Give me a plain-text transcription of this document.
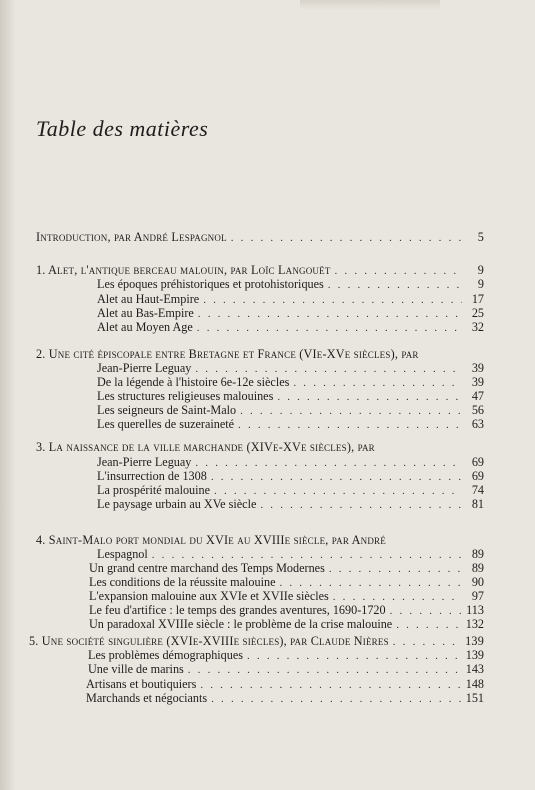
Table des matières
Introduction, par André Lespagnol . . .	5
1. Alet, l'antique berceau malouin, par Loïc Langouët . . .	9
Les époques préhistoriques et protohistoriques . . .	9
Alet au Haut-Empire . . .	17
Alet au Bas-Empire . . .	25
Alet au Moyen Age . . .	32
2. Une cité épiscopale entre Bretagne et France (VIe-XVe siècles), par
Jean-Pierre Leguay . . .	39
De la légende à l'histoire 6e-12e siècles . . .	39
Les structures religieuses malouines . . .	47
Les seigneurs de Saint-Malo . . .	56
Les querelles de suzeraineté . . .	63
3. La naissance de la ville marchande (XIVe-XVe siècles), par
Jean-Pierre Leguay . . .	69
L'insurrection de 1308 . . .	69
La prospérité malouine . . .	74
Le paysage urbain au XVe siècle . . .	81
4. Saint-Malo port mondial du XVIe au XVIIIe siècle, par André
Lespagnol . . .	89
Un grand centre marchand des Temps Modernes . . .	89
Les conditions de la réussite malouine . . .	90
L'expansion malouine aux XVIe et XVIIe siècles . . .	97
Le feu d'artifice : le temps des grandes aventures, 1690-1720 . . .	113
Un paradoxal XVIIIe siècle : le problème de la crise malouine . . .	132
5. Une société singulière (XVIe-XVIIIe siècles), par Claude Nières . . .	139
Les problèmes démographiques . . .	139
Une ville de marins . . .	143
Artisans et boutiquiers . . .	148
Marchands et négociants . . .	151
